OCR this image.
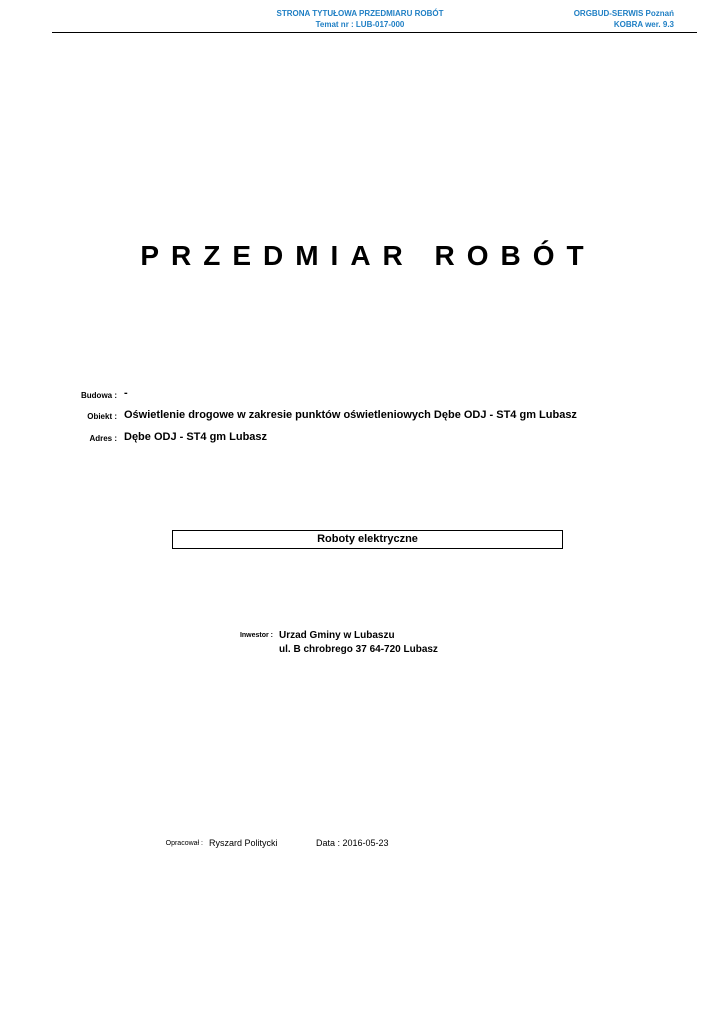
STRONA TYTUŁOWA PRZEDMIARU ROBÓT
Temat nr : LUB-017-000
ORGBUD-SERWIS Poznań
KOBRA wer. 9.3
PRZEDMIAR ROBÓT
Budowa : -
Obiekt : Oświetlenie drogowe w zakresie punktów oświetleniowych Dębe ODJ - ST4 gm Lubasz
Adres : Dębe ODJ - ST4 gm Lubasz
Roboty elektryczne
Inwestor : Urzad Gminy w Lubaszu
ul. B chrobrego 37 64-720 Lubasz
Opracował : Ryszard Politycki	Data : 2016-05-23
